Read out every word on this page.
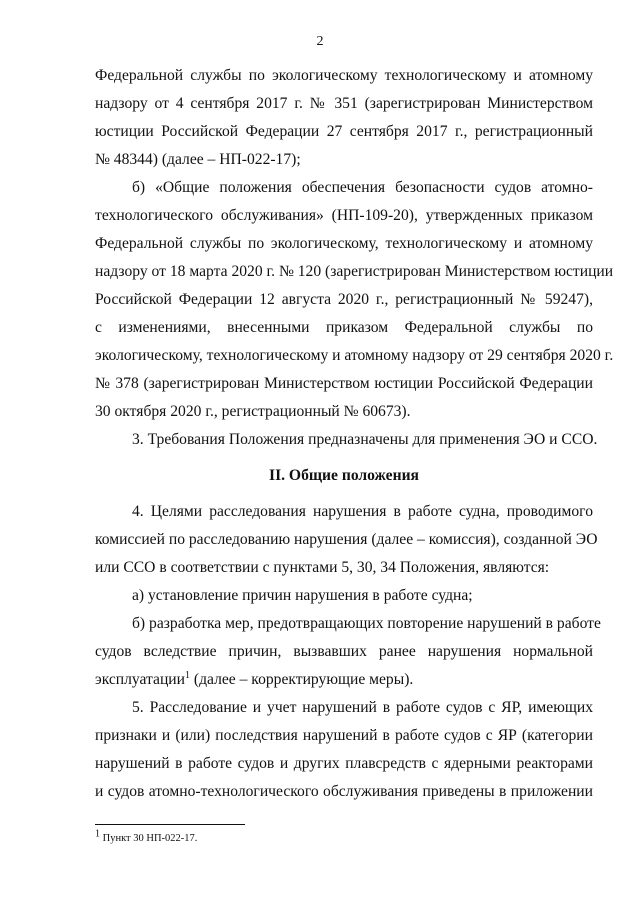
2
Федеральной службы по экологическому технологическому и атомному
надзору от 4 сентября 2017 г. № 351 (зарегистрирован Министерством
юстиции Российской Федерации 27 сентября 2017 г., регистрационный
№ 48344) (далее – НП-022-17);
б) «Общие положения обеспечения безопасности судов атомно-
технологического обслуживания» (НП-109-20), утвержденных приказом
Федеральной службы по экологическому, технологическому и атомному
надзору от 18 марта 2020 г. № 120 (зарегистрирован Министерством юстиции
Российской Федерации 12 августа 2020 г., регистрационный № 59247),
с изменениями, внесенными приказом Федеральной службы по
экологическому, технологическому и атомному надзору от 29 сентября 2020 г.
№ 378 (зарегистрирован Министерством юстиции Российской Федерации
30 октября 2020 г., регистрационный № 60673).
3. Требования Положения предназначены для применения ЭО и ССО.
II. Общие положения
4. Целями расследования нарушения в работе судна, проводимого
комиссией по расследованию нарушения (далее – комиссия), созданной ЭО
или ССО в соответствии с пунктами 5, 30, 34 Положения, являются:
а) установление причин нарушения в работе судна;
б) разработка мер, предотвращающих повторение нарушений в работе
судов вследствие причин, вызвавших ранее нарушения нормальной
эксплуатации$^1$ (далее – корректирующие меры).
5. Расследование и учет нарушений в работе судов с ЯР, имеющих
признаки и (или) последствия нарушений в работе судов с ЯР (категории
нарушений в работе судов и других плавсредств с ядерными реакторами
и судов атомно-технологического обслуживания приведены в приложении
$^1$ Пункт 30 НП-022-17.
